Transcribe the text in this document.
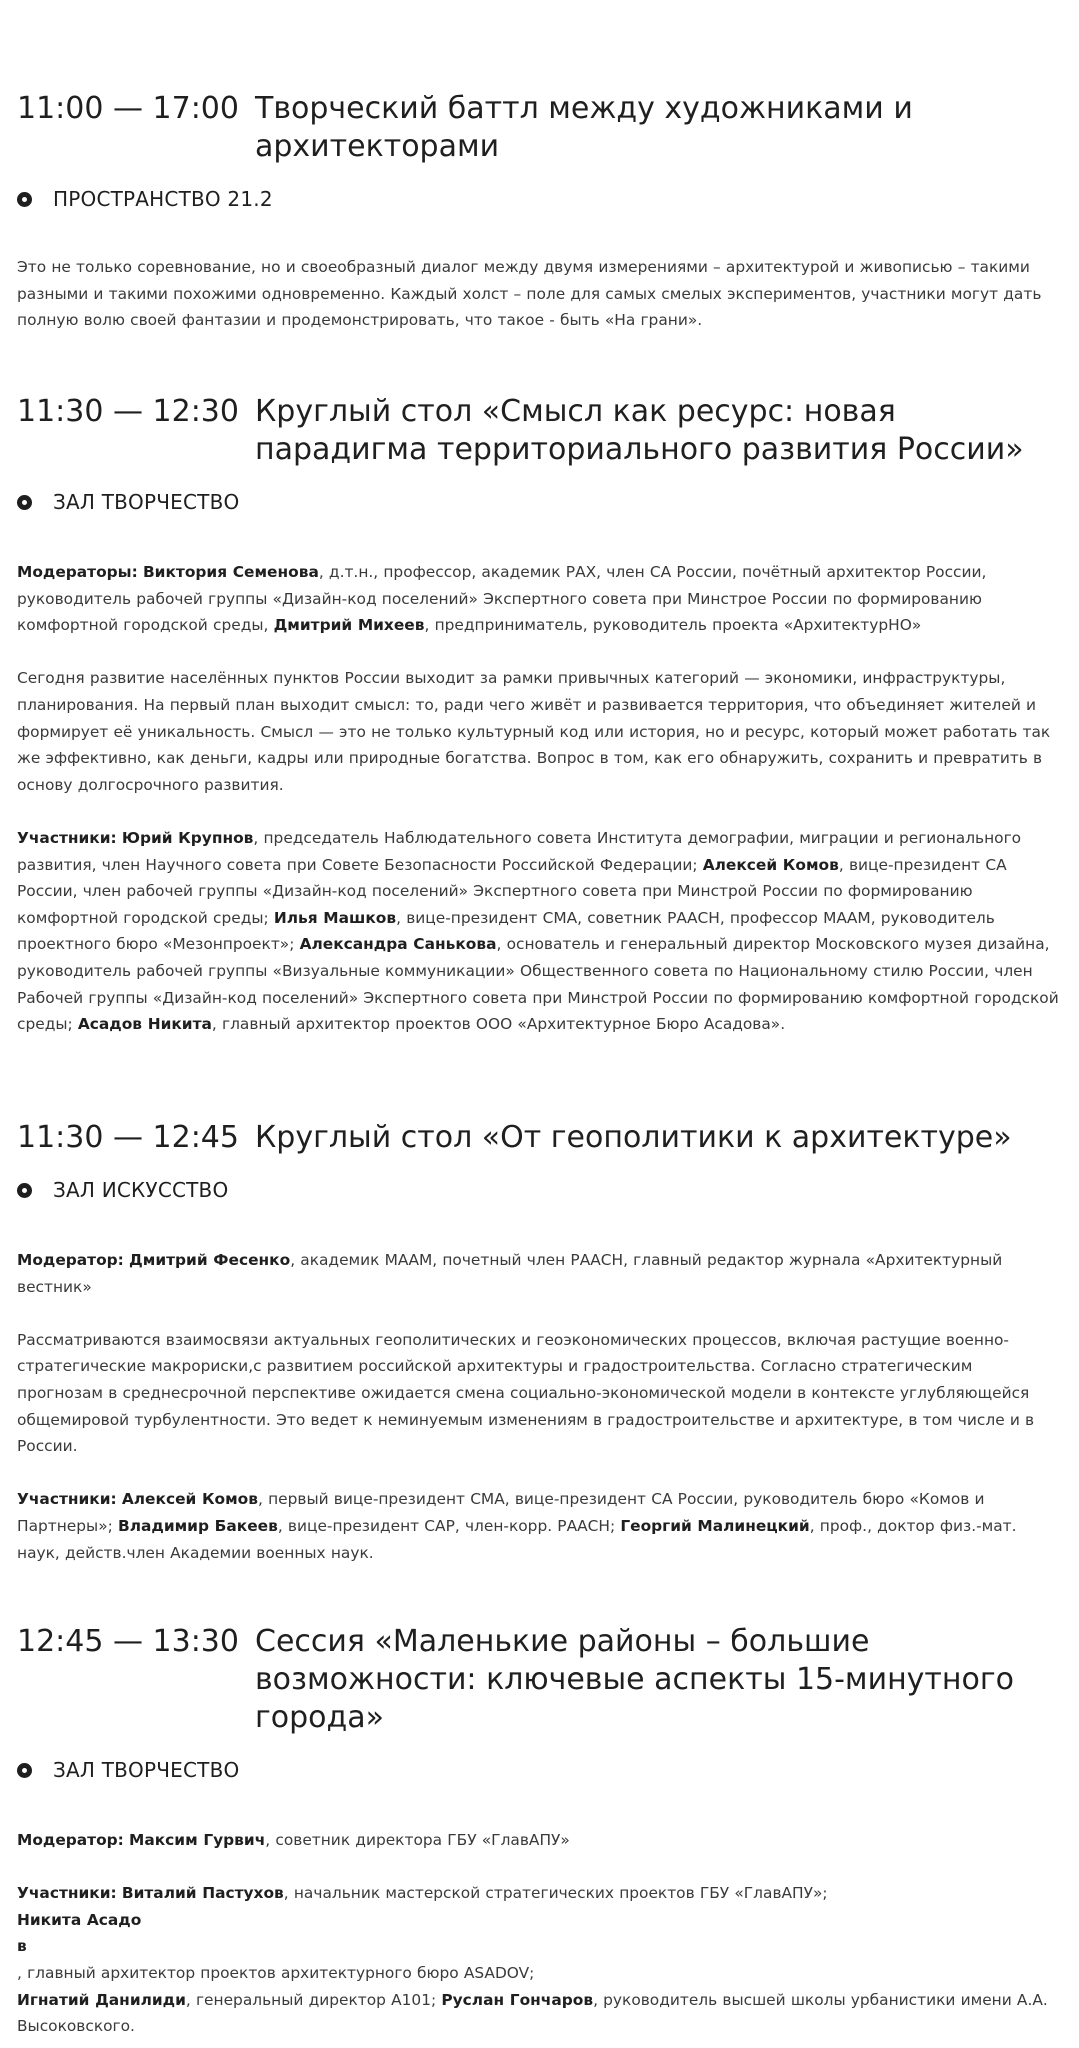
11:00 — 17:00 Творческий баттл между художниками и архитекторами
ПРОСТРАНСТВО 21.2

Это не только соревнование, но и своеобразный диалог между двумя измерениями – архитектурой и живописью – такими разными и такими похожими одновременно. Каждый холст – поле для самых смелых экспериментов, участники могут дать полную волю своей фантазии и продемонстрировать, что такое - быть «На грани».

11:30 — 12:30 Круглый стол «Смысл как ресурс: новая парадигма территориального развития России»
ЗАЛ ТВОРЧЕСТВО

Модераторы: Виктория Семенова, д.т.н., профессор, академик РАХ, член СА России, почётный архитектор России, руководитель рабочей группы «Дизайн-код поселений» Экспертного совета при Минстрое России по формированию комфортной городской среды, Дмитрий Михеев, предприниматель, руководитель проекта «АрхитектурНО»

Сегодня развитие населённых пунктов России выходит за рамки привычных категорий — экономики, инфраструктуры, планирования. На первый план выходит смысл: то, ради чего живёт и развивается территория, что объединяет жителей и формирует её уникальность. Смысл — это не только культурный код или история, но и ресурс, который может работать так же эффективно, как деньги, кадры или природные богатства. Вопрос в том, как его обнаружить, сохранить и превратить в основу долгосрочного развития.

Участники: Юрий Крупнов, председатель Наблюдательного совета Института демографии, миграции и регионального развития, член Научного совета при Совете Безопасности Российской Федерации; Алексей Комов, вице-президент СА России, член рабочей группы «Дизайн-код поселений» Экспертного совета при Минстрой России по формированию комфортной городской среды; Илья Машков, вице-президент СМА, советник РААСН, профессор МААМ, руководитель проектного бюро «Мезонпроект»; Александра Санькова, основатель и генеральный директор Московского музея дизайна, руководитель рабочей группы «Визуальные коммуникации» Общественного совета по Национальному стилю России, член Рабочей группы «Дизайн-код поселений» Экспертного совета при Минстрой России по формированию комфортной городской среды; Асадов Никита, главный архитектор проектов ООО «Архитектурное Бюро Асадова».

11:30 — 12:45 Круглый стол «От геополитики к архитектуре»
ЗАЛ ИСКУССТВО

Модератор: Дмитрий Фесенко, академик МААМ, почетный член РААСН, главный редактор журнала «Архитектурный вестник»

Рассматриваются взаимосвязи актуальных геополитических и геоэкономических процессов, включая растущие военно-стратегические макрориски,с развитием российской архитектуры и градостроительства. Согласно стратегическим прогнозам в среднесрочной перспективе ожидается смена социально-экономической модели в контексте углубляющейся общемировой турбулентности. Это ведет к неминуемым изменениям в градостроительстве и архитектуре, в том числе и в России.

Участники: Алексей Комов, первый вице-президент СМА, вице-президент СА России, руководитель бюро «Комов и Партнеры»; Владимир Бакеев, вице-президент САР, член-корр. РААСН; Георгий Малинецкий, проф., доктор физ.-мат. наук, действ.член Академии военных наук.

12:45 — 13:30 Сессия «Маленькие районы – большие возможности: ключевые аспекты 15-минутного города»
ЗАЛ ТВОРЧЕСТВО

Модератор: Максим Гурвич, советник директора ГБУ «ГлавАПУ»

Участники: Виталий Пастухов, начальник мастерской стратегических проектов ГБУ «ГлавАПУ»;
Никита Асадо
в
, главный архитектор проектов архитектурного бюро ASADOV;
Игнатий Данилиди, генеральный директор А101; Руслан Гончаров, руководитель высшей школы урбанистики имени А.А. Высоковского.
